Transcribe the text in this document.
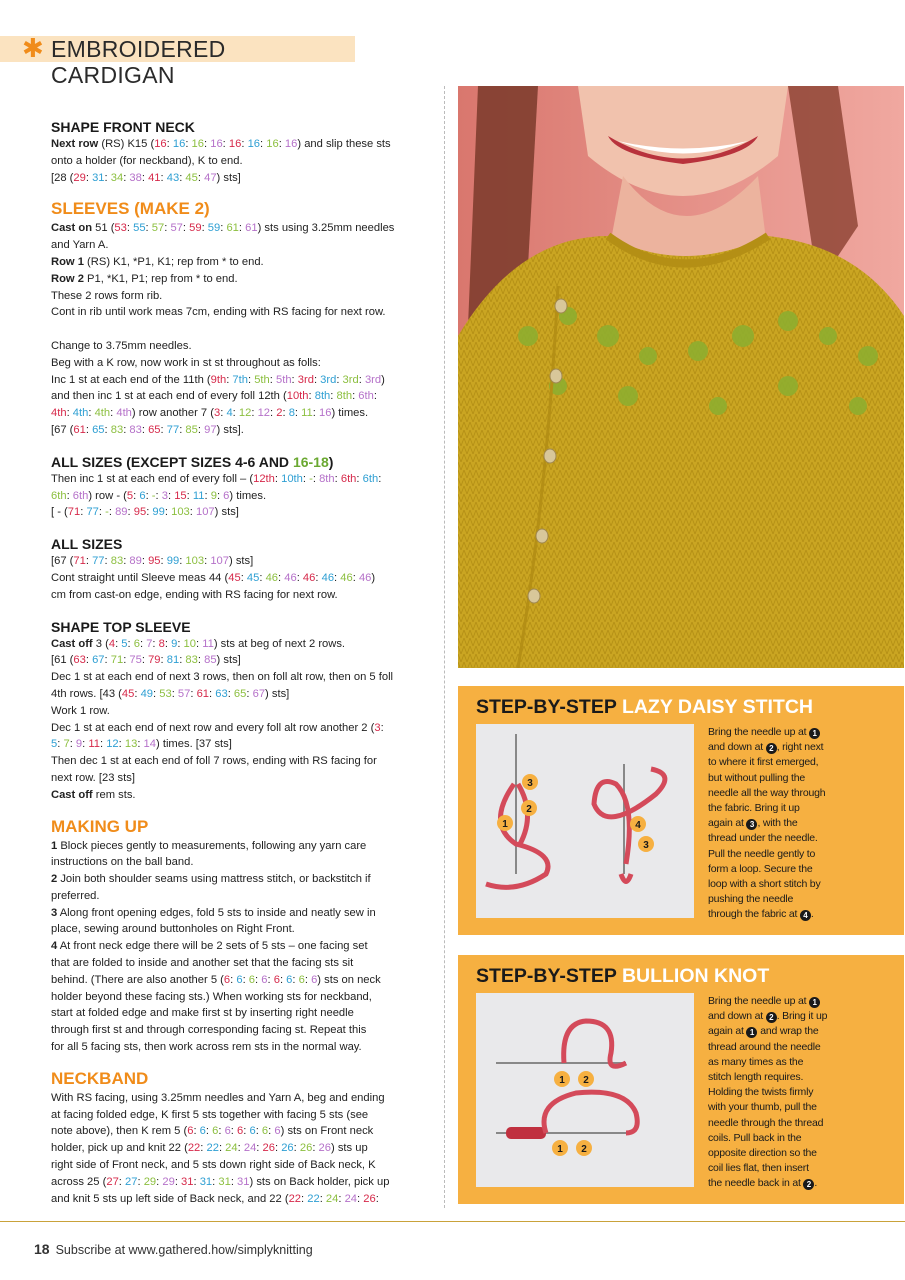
✱ EMBROIDERED CARDIGAN
SHAPE FRONT NECK

Next row (RS) K15 (16: 16: 16: 16: 16: 16: 16: 16) and slip these sts

onto a holder (for neckband), K to end.

[28 (29: 31: 34: 38: 41: 43: 45: 47) sts]

SLEEVES (MAKE 2)

Cast on 51 (53: 55: 57: 57: 59: 59: 61: 61) sts using 3.25mm needles

and Yarn A.

Row 1 (RS) K1, *P1, K1; rep from * to end.

Row 2 P1, *K1, P1; rep from * to end.

These 2 rows form rib.

Cont in rib until work meas 7cm, ending with RS facing for next row.

Change to 3.75mm needles.

Beg with a K row, now work in st st throughout as folls:

Inc 1 st at each end of the 11th (9th: 7th: 5th: 5th: 3rd: 3rd: 3rd: 3rd)

and then inc 1 st at each end of every foll 12th (10th: 8th: 8th: 6th:

4th: 4th: 4th: 4th) row another 7 (3: 4: 12: 12: 2: 8: 11: 16) times.

[67 (61: 65: 83: 83: 65: 77: 85: 97) sts].

ALL SIZES (EXCEPT SIZES 4-6 AND 16-18)

Then inc 1 st at each end of every foll – (12th: 10th: -: 8th: 6th: 6th:

6th: 6th) row - (5: 6: -: 3: 15: 11: 9: 6) times.

[ - (71: 77: -: 89: 95: 99: 103: 107) sts]

ALL SIZES

[67 (71: 77: 83: 89: 95: 99: 103: 107) sts]

Cont straight until Sleeve meas 44 (45: 45: 46: 46: 46: 46: 46: 46)

cm from cast-on edge, ending with RS facing for next row.

SHAPE TOP SLEEVE

Cast off 3 (4: 5: 6: 7: 8: 9: 10: 11) sts at beg of next 2 rows.

[61 (63: 67: 71: 75: 79: 81: 83: 85) sts]

Dec 1 st at each end of next 3 rows, then on foll alt row, then on 5 foll

4th rows. [43 (45: 49: 53: 57: 61: 63: 65: 67) sts]

Work 1 row.

Dec 1 st at each end of next row and every foll alt row another 2 (3:

5: 7: 9: 11: 12: 13: 14) times. [37 sts]

Then dec 1 st at each end of foll 7 rows, ending with RS facing for

next row. [23 sts]

Cast off rem sts.

MAKING UP

1 Block pieces gently to measurements, following any yarn care

instructions on the ball band.

2 Join both shoulder seams using mattress stitch, or backstitch if

preferred.

3 Along front opening edges, fold 5 sts to inside and neatly sew in

place, sewing around buttonholes on Right Front.

4 At front neck edge there will be 2 sets of 5 sts – one facing set

that are folded to inside and another set that the facing sts sit

behind. (There are also another 5 (6: 6: 6: 6: 6: 6: 6: 6) sts on neck

holder beyond these facing sts.) When working sts for neckband,

start at folded edge and make first st by inserting right needle

through first st and through corresponding facing st. Repeat this

for all 5 facing sts, then work across rem sts in the normal way.

NECKBAND

With RS facing, using 3.25mm needles and Yarn A, beg and ending

at facing folded edge, K first 5 sts together with facing 5 sts (see

note above), then K rem 5 (6: 6: 6: 6: 6: 6: 6: 6) sts on Front neck

holder, pick up and knit 22 (22: 22: 24: 24: 26: 26: 26: 26) sts up

right side of Front neck, and 5 sts down right side of Back neck, K

across 25 (27: 27: 29: 29: 31: 31: 31: 31) sts on Back holder, pick up

and knit 5 sts up left side of Back neck, and 22 (22: 22: 24: 24: 26:

STEP-BY-STEP LAZY DAISY STITCH
3
1
2
4
3
Bring the needle up at 1
and down at 2 , right next
to where it first emerged,
but without pulling the
needle all the way through
the fabric. Bring it up
again at 3 , with the
thread under the needle.
Pull the needle gently to
form a loop. Secure the
loop with a short stitch by
pushing the needle
through the fabric at 4 .
STEP-BY-STEP BULLION KNOT
1 2
1 2
Bring the needle up at 1
and down at 2 . Bring it up
again at 1 and wrap the
thread around the needle
as many times as the
stitch length requires.
Holding the twists firmly
with your thumb, pull the
needle through the thread
coils. Pull back in the
opposite direction so the
coil lies flat, then insert
the needle back in at 2 .
18 Subscribe at www.gathered.how/simplyknitting
